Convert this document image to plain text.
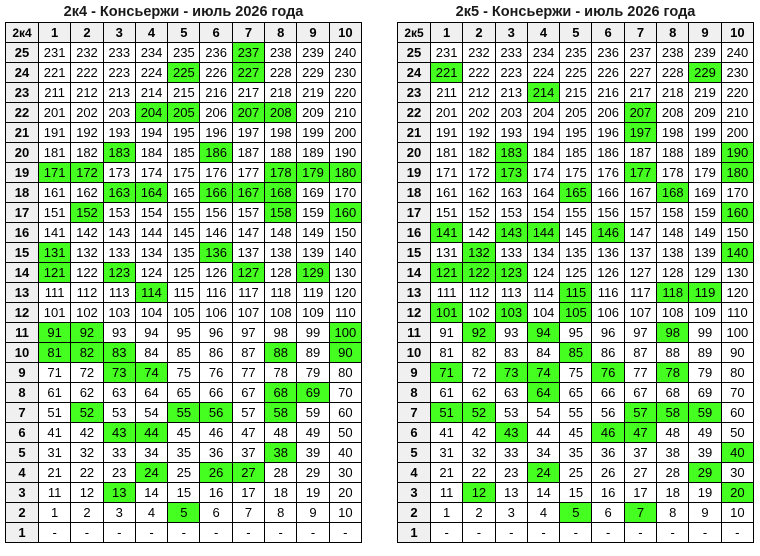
2к4 - Консьержи - июль 2026 года
2к4	1	2	3	4	5	6	7	8	9	10
25	231	232	233	234	235	236	237	238	239	240
24	221	222	223	224	225	226	227	228	229	230
23	211	212	213	214	215	216	217	218	219	220
22	201	202	203	204	205	206	207	208	209	210
21	191	192	193	194	195	196	197	198	199	200
20	181	182	183	184	185	186	187	188	189	190
19	171	172	173	174	175	176	177	178	179	180
18	161	162	163	164	165	166	167	168	169	170
17	151	152	153	154	155	156	157	158	159	160
16	141	142	143	144	145	146	147	148	149	150
15	131	132	133	134	135	136	137	138	139	140
14	121	122	123	124	125	126	127	128	129	130
13	111	112	113	114	115	116	117	118	119	120
12	101	102	103	104	105	106	107	108	109	110
11	91	92	93	94	95	96	97	98	99	100
10	81	82	83	84	85	86	87	88	89	90
9	71	72	73	74	75	76	77	78	79	80
8	61	62	63	64	65	66	67	68	69	70
7	51	52	53	54	55	56	57	58	59	60
6	41	42	43	44	45	46	47	48	49	50
5	31	32	33	34	35	36	37	38	39	40
4	21	22	23	24	25	26	27	28	29	30
3	11	12	13	14	15	16	17	18	19	20
2	1	2	3	4	5	6	7	8	9	10
1	-	-	-	-	-	-	-	-	-	-
2к5 - Консьержи - июль 2026 года
2к5	1	2	3	4	5	6	7	8	9	10
25	231	232	233	234	235	236	237	238	239	240
24	221	222	223	224	225	226	227	228	229	230
23	211	212	213	214	215	216	217	218	219	220
22	201	202	203	204	205	206	207	208	209	210
21	191	192	193	194	195	196	197	198	199	200
20	181	182	183	184	185	186	187	188	189	190
19	171	172	173	174	175	176	177	178	179	180
18	161	162	163	164	165	166	167	168	169	170
17	151	152	153	154	155	156	157	158	159	160
16	141	142	143	144	145	146	147	148	149	150
15	131	132	133	134	135	136	137	138	139	140
14	121	122	123	124	125	126	127	128	129	130
13	111	112	113	114	115	116	117	118	119	120
12	101	102	103	104	105	106	107	108	109	110
11	91	92	93	94	95	96	97	98	99	100
10	81	82	83	84	85	86	87	88	89	90
9	71	72	73	74	75	76	77	78	79	80
8	61	62	63	64	65	66	67	68	69	70
7	51	52	53	54	55	56	57	58	59	60
6	41	42	43	44	45	46	47	48	49	50
5	31	32	33	34	35	36	37	38	39	40
4	21	22	23	24	25	26	27	28	29	30
3	11	12	13	14	15	16	17	18	19	20
2	1	2	3	4	5	6	7	8	9	10
1	-	-	-	-	-	-	-	-	-	-
